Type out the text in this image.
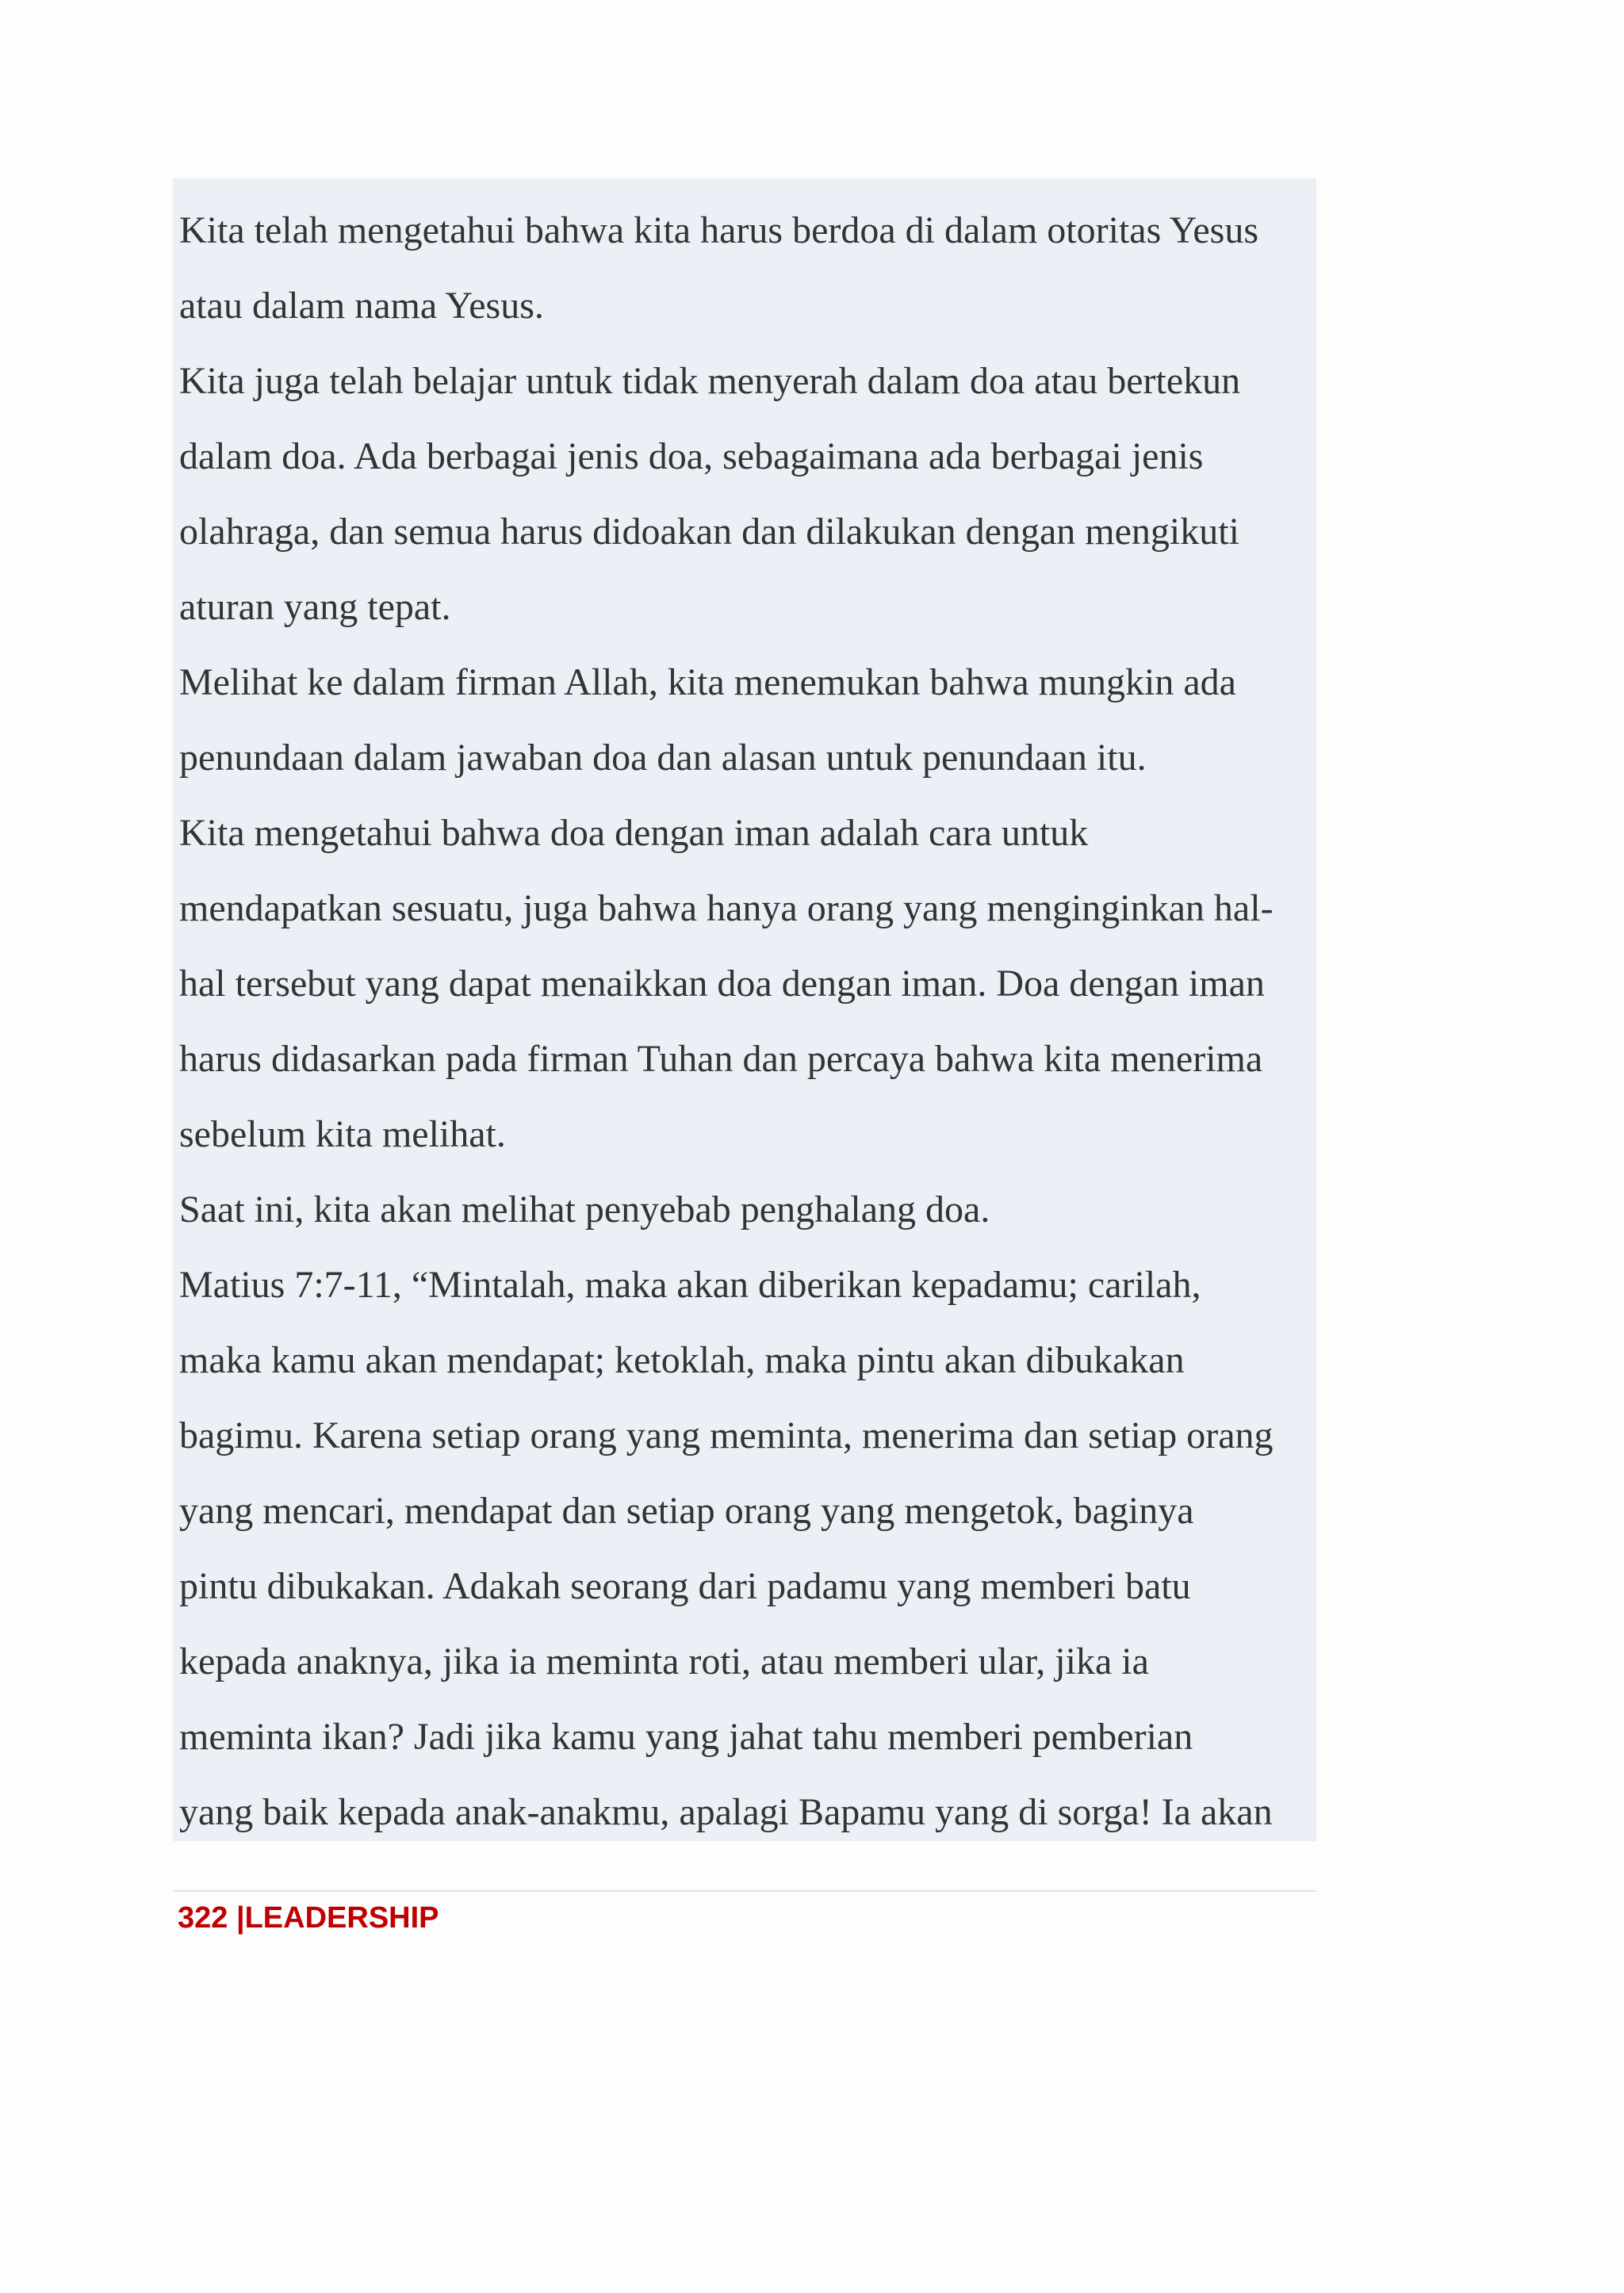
Kita telah mengetahui bahwa kita harus berdoa di dalam otoritas Yesus
atau dalam nama Yesus.
Kita juga telah belajar untuk tidak menyerah dalam doa atau bertekun
dalam doa. Ada berbagai jenis doa, sebagaimana ada berbagai jenis
olahraga, dan semua harus didoakan dan dilakukan dengan mengikuti
aturan yang tepat.
Melihat ke dalam firman Allah, kita menemukan bahwa mungkin ada
penundaan dalam jawaban doa dan alasan untuk penundaan itu.
Kita mengetahui bahwa doa dengan iman adalah cara untuk
mendapatkan sesuatu, juga bahwa hanya orang yang menginginkan hal-
hal tersebut yang dapat menaikkan doa dengan iman. Doa dengan iman
harus didasarkan pada firman Tuhan dan percaya bahwa kita menerima
sebelum kita melihat.
Saat ini, kita akan melihat penyebab penghalang doa.
Matius 7:7-11, “Mintalah, maka akan diberikan kepadamu; carilah,
maka kamu akan mendapat; ketoklah, maka pintu akan dibukakan
bagimu. Karena setiap orang yang meminta, menerima dan setiap orang
yang mencari, mendapat dan setiap orang yang mengetok, baginya
pintu dibukakan. Adakah seorang dari padamu yang memberi batu
kepada anaknya, jika ia meminta roti, atau memberi ular, jika ia
meminta ikan? Jadi jika kamu yang jahat tahu memberi pemberian
yang baik kepada anak-anakmu, apalagi Bapamu yang di sorga! Ia akan
322 |LEADERSHIP
